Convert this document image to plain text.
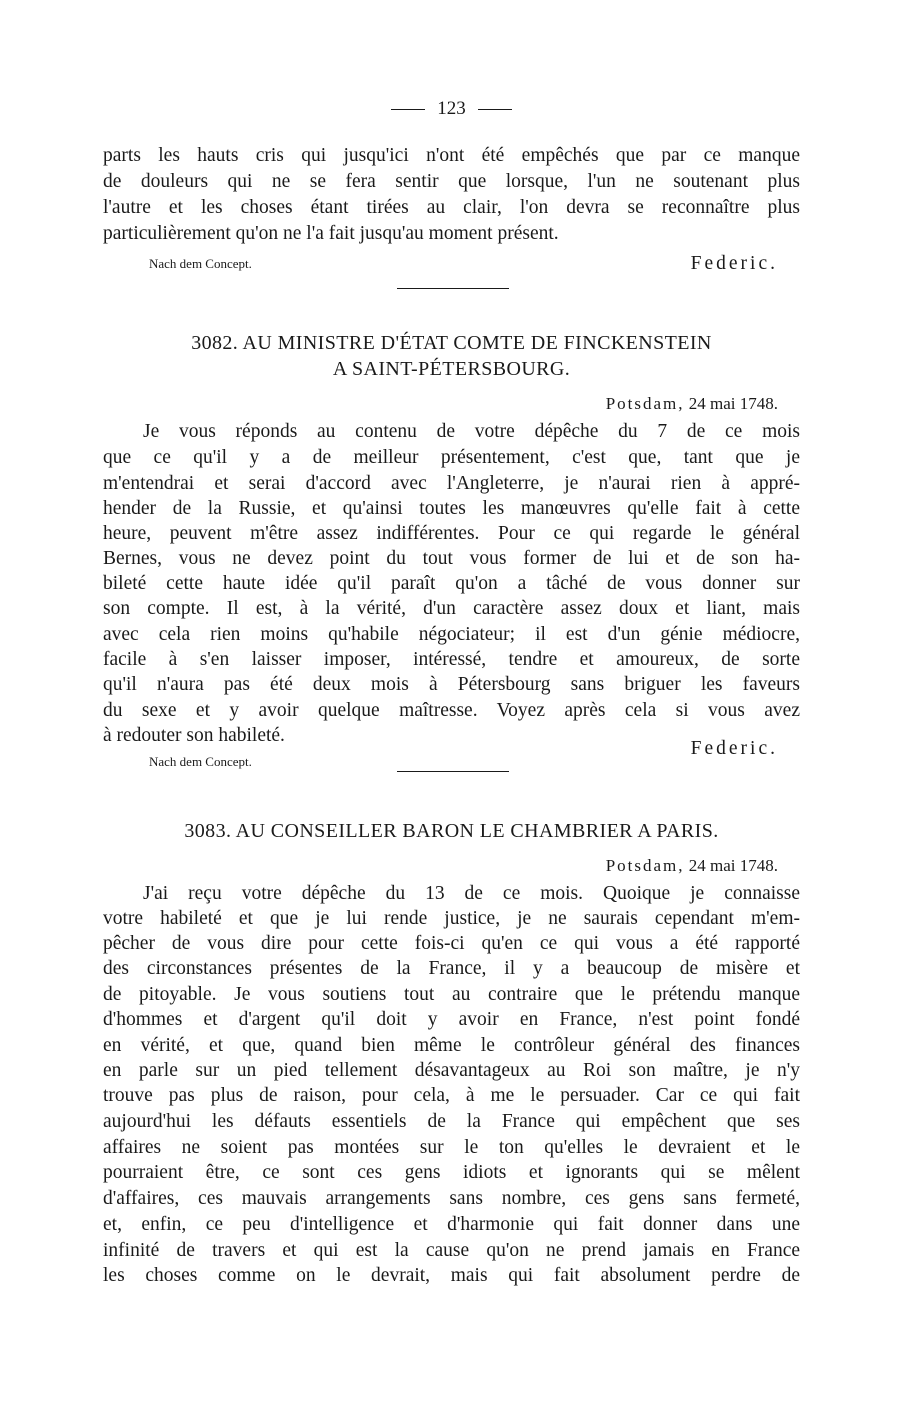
123
parts les hauts cris qui jusqu'ici n'ont été empêchés que par ce manque
de douleurs qui ne se fera sentir que lorsque, l'un ne soutenant plus
l'autre et les choses étant tirées au clair, l'on devra se reconnaître plus
particulièrement qu'on ne l'a fait jusqu'au moment présent.
Nach dem Concept.	Federic.
3082. AU MINISTRE D'ÉTAT COMTE DE FINCKENSTEIN
A SAINT-PÉTERSBOURG.
Potsdam, 24 mai 1748.
Je vous réponds au contenu de votre dépêche du 7 de ce mois
que ce qu'il y a de meilleur présentement, c'est que, tant que je
m'entendrai et serai d'accord avec l'Angleterre, je n'aurai rien à appré-
hender de la Russie, et qu'ainsi toutes les manœuvres qu'elle fait à cette
heure, peuvent m'être assez indifférentes. Pour ce qui regarde le général
Bernes, vous ne devez point du tout vous former de lui et de son ha-
bileté cette haute idée qu'il paraît qu'on a tâché de vous donner sur
son compte. Il est, à la vérité, d'un caractère assez doux et liant, mais
avec cela rien moins qu'habile négociateur; il est d'un génie médiocre,
facile à s'en laisser imposer, intéressé, tendre et amoureux, de sorte
qu'il n'aura pas été deux mois à Pétersbourg sans briguer les faveurs
du sexe et y avoir quelque maîtresse. Voyez après cela si vous avez
à redouter son habileté.
Federic.
Nach dem Concept.
3083. AU CONSEILLER BARON LE CHAMBRIER A PARIS.
Potsdam, 24 mai 1748.
J'ai reçu votre dépêche du 13 de ce mois. Quoique je connaisse
votre habileté et que je lui rende justice, je ne saurais cependant m'em-
pêcher de vous dire pour cette fois-ci qu'en ce qui vous a été rapporté
des circonstances présentes de la France, il y a beaucoup de misère et
de pitoyable. Je vous soutiens tout au contraire que le prétendu manque
d'hommes et d'argent qu'il doit y avoir en France, n'est point fondé
en vérité, et que, quand bien même le contrôleur général des finances
en parle sur un pied tellement désavantageux au Roi son maître, je n'y
trouve pas plus de raison, pour cela, à me le persuader. Car ce qui fait
aujourd'hui les défauts essentiels de la France qui empêchent que ses
affaires ne soient pas montées sur le ton qu'elles le devraient et le
pourraient être, ce sont ces gens idiots et ignorants qui se mêlent
d'affaires, ces mauvais arrangements sans nombre, ces gens sans fermeté,
et, enfin, ce peu d'intelligence et d'harmonie qui fait donner dans une
infinité de travers et qui est la cause qu'on ne prend jamais en France
les choses comme on le devrait, mais qui fait absolument perdre de
